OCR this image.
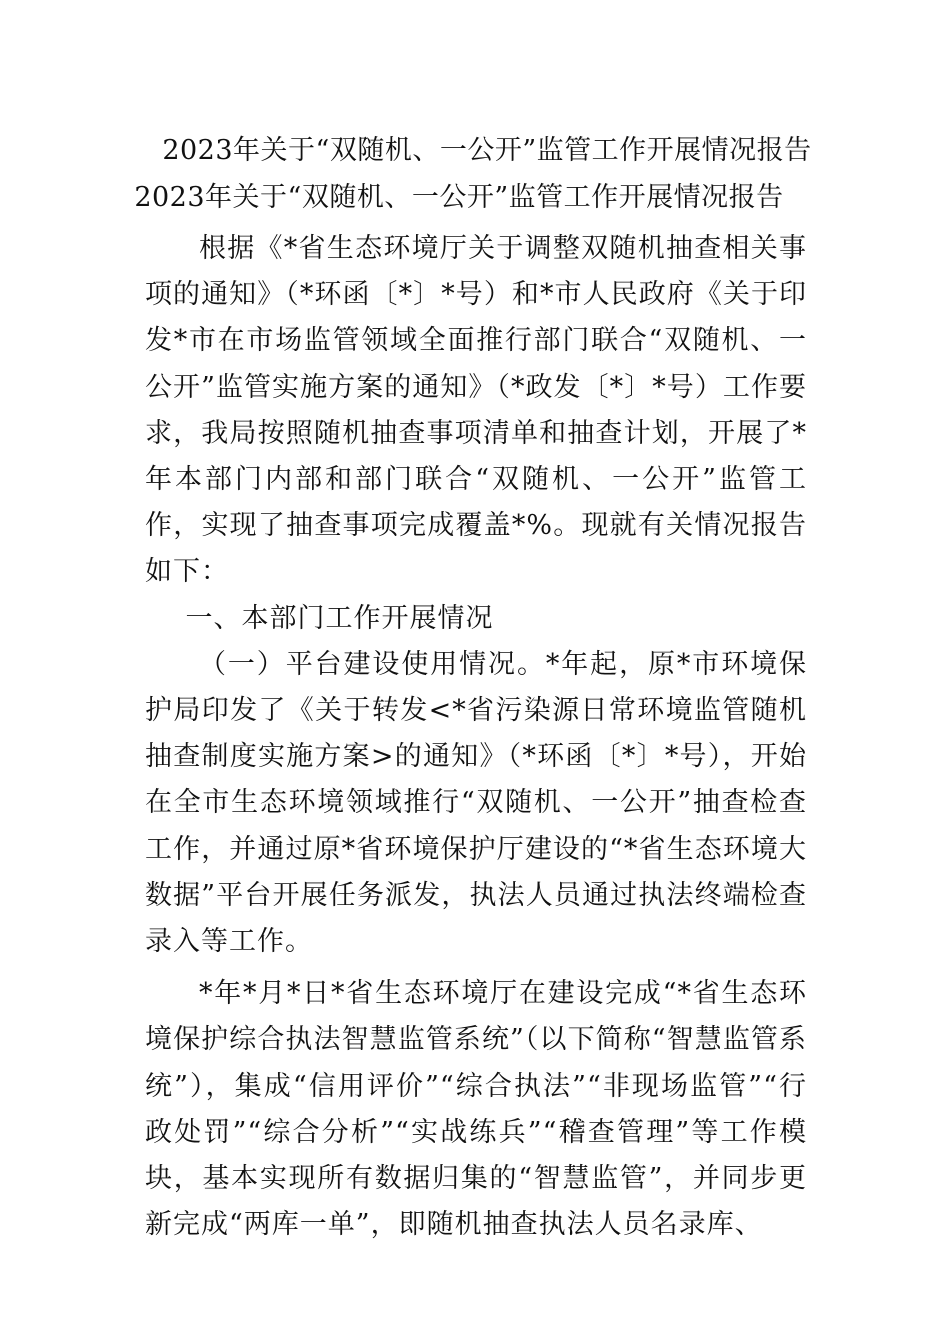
2023年关于“双随机、一公开”监管工作开展情况报告
2023年关于“双随机、一公开”监管工作开展情况报告

根据《*省生态环境厅关于调整双随机抽查相关事项的通知》（*环函〔*〕*号）和*市人民政府《关于印发*市在市场监管领域全面推行部门联合“双随机、一公开”监管实施方案的通知》（*政发〔*〕*号）工作要求，我局按照随机抽查事项清单和抽查计划，开展了*年本部门内部和部门联合“双随机、一公开”监管工作，实现了抽查事项完成覆盖*%。现就有关情况报告如下：

一、本部门工作开展情况

（一）平台建设使用情况。*年起，原*市环境保护局印发了《关于转发<*省污染源日常环境监管随机抽查制度实施方案>的通知》（*环函〔*〕*号），开始在全市生态环境领域推行“双随机、一公开”抽查检查工作，并通过原*省环境保护厅建设的“*省生态环境大数据”平台开展任务派发，执法人员通过执法终端检查录入等工作。

*年*月*日*省生态环境厅在建设完成“*省生态环境保护综合执法智慧监管系统”（以下简称“智慧监管系统”），集成“信用评价”“综合执法”“非现场监管”“行政处罚”“综合分析”“实战练兵”“稽查管理”等工作模块，基本实现所有数据归集的“智慧监管”，并同步更新完成“两库一单”，即随机抽查执法人员名录库、
